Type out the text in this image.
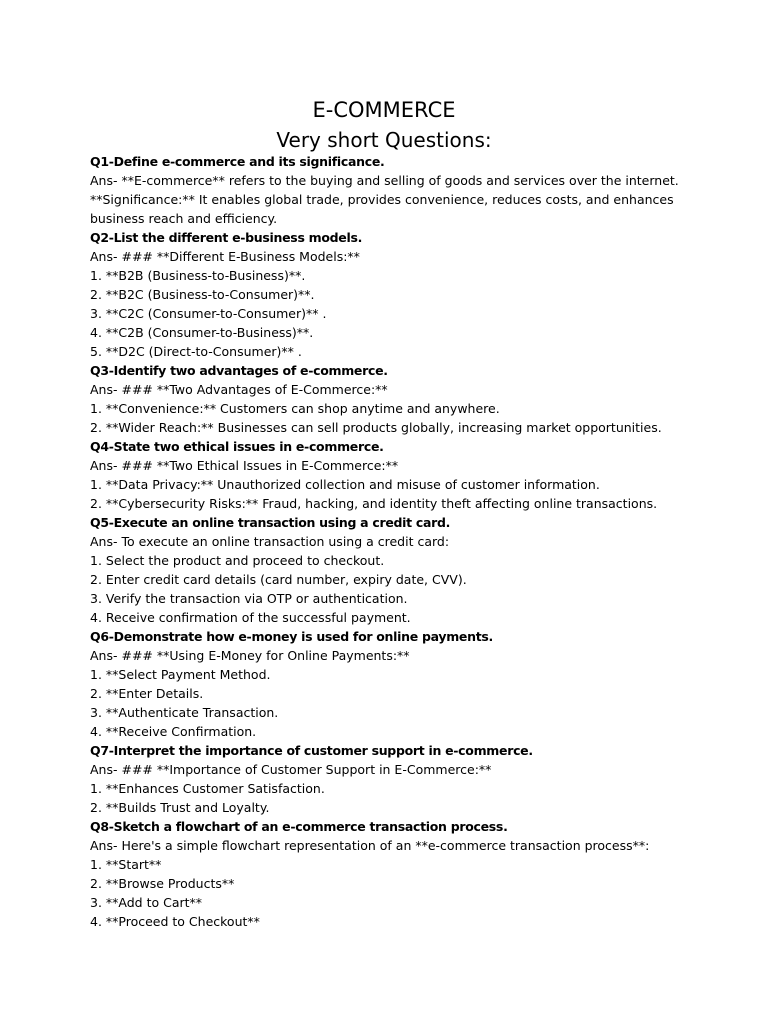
E-COMMERCE
Very short Questions:
Q1-Define e-commerce and its significance.
Ans- **E-commerce** refers to the buying and selling of goods and services over the internet.
**Significance:** It enables global trade, provides convenience, reduces costs, and enhances
business reach and efficiency.
Q2-List the different e-business models.
Ans- ### **Different E-Business Models:**
1. **B2B (Business-to-Business)**.
2. **B2C (Business-to-Consumer)**.
3. **C2C (Consumer-to-Consumer)** .
4. **C2B (Consumer-to-Business)**.
5. **D2C (Direct-to-Consumer)** .
Q3-Identify two advantages of e-commerce.
Ans- ### **Two Advantages of E-Commerce:**
1. **Convenience:** Customers can shop anytime and anywhere.
2. **Wider Reach:** Businesses can sell products globally, increasing market opportunities.
Q4-State two ethical issues in e-commerce.
Ans- ### **Two Ethical Issues in E-Commerce:**
1. **Data Privacy:** Unauthorized collection and misuse of customer information.
2. **Cybersecurity Risks:** Fraud, hacking, and identity theft affecting online transactions.
Q5-Execute an online transaction using a credit card.
Ans- To execute an online transaction using a credit card:
1. Select the product and proceed to checkout.
2. Enter credit card details (card number, expiry date, CVV).
3. Verify the transaction via OTP or authentication.
4. Receive confirmation of the successful payment.
Q6-Demonstrate how e-money is used for online payments.
Ans- ### **Using E-Money for Online Payments:**
1. **Select Payment Method.
2. **Enter Details.
3. **Authenticate Transaction.
4. **Receive Confirmation.
Q7-Interpret the importance of customer support in e-commerce.
Ans- ### **Importance of Customer Support in E-Commerce:**
1. **Enhances Customer Satisfaction.
2. **Builds Trust and Loyalty.
Q8-Sketch a flowchart of an e-commerce transaction process.
Ans- Here's a simple flowchart representation of an **e-commerce transaction process**:
1. **Start**
2. **Browse Products**
3. **Add to Cart**
4. **Proceed to Checkout**
